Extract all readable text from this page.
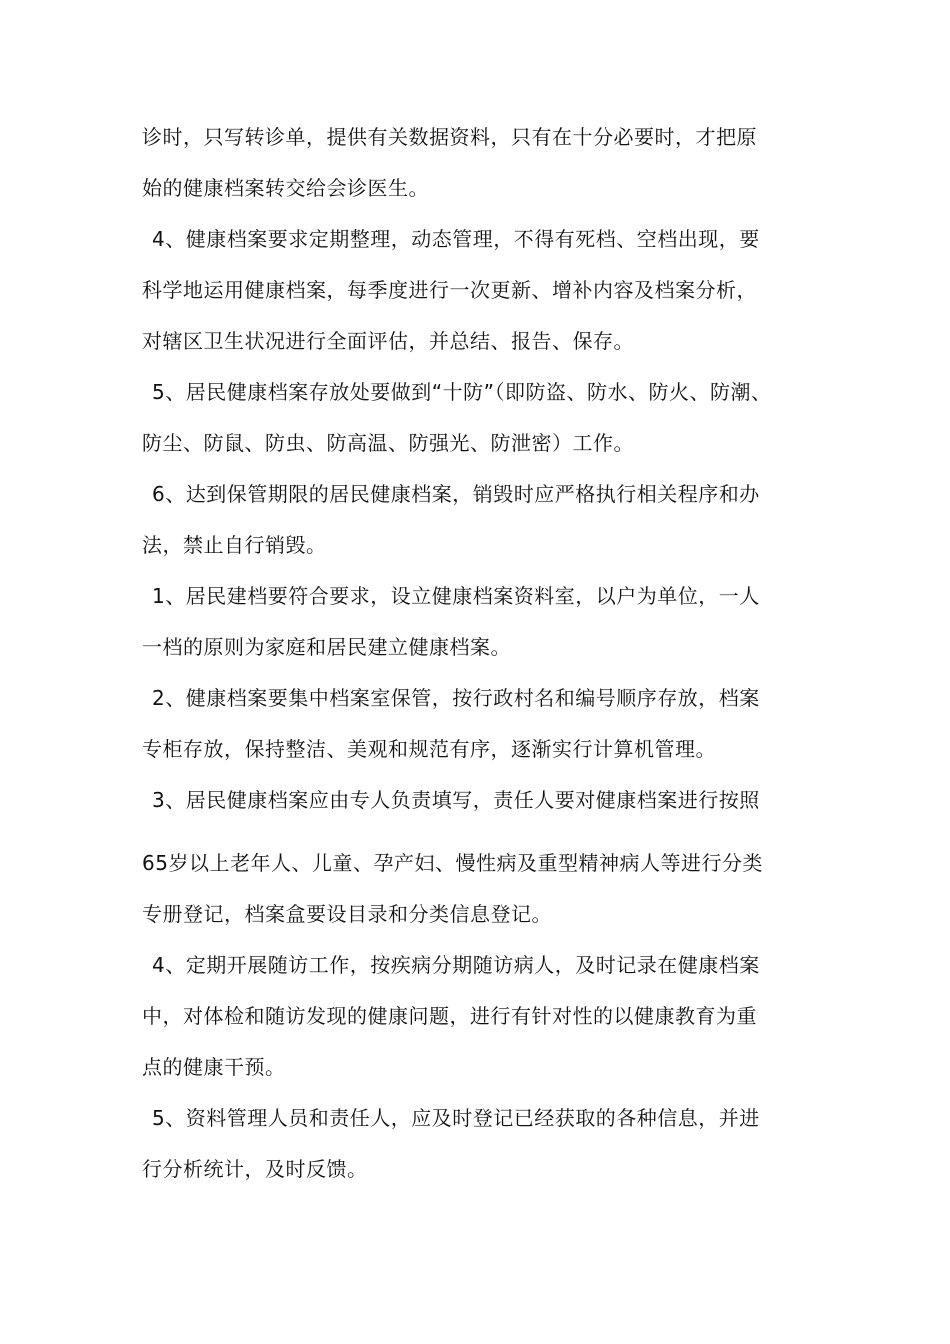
诊时，只写转诊单，提供有关数据资料，只有在十分必要时，才把原
始的健康档案转交给会诊医生。

4、健康档案要求定期整理，动态管理，不得有死档、空档出现，要
科学地运用健康档案，每季度进行一次更新、增补内容及档案分析，
对辖区卫生状况进行全面评估，并总结、报告、保存。

5、居民健康档案存放处要做到“十防”（即防盗、防水、防火、防潮、
防尘、防鼠、防虫、防高温、防强光、防泄密）工作。

6、达到保管期限的居民健康档案，销毁时应严格执行相关程序和办
法，禁止自行销毁。

1、居民建档要符合要求，设立健康档案资料室，以户为单位，一人
一档的原则为家庭和居民建立健康档案。

2、健康档案要集中档案室保管，按行政村名和编号顺序存放，档案
专柜存放，保持整洁、美观和规范有序，逐渐实行计算机管理。

3、居民健康档案应由专人负责填写，责任人要对健康档案进行按照

65岁以上老年人、儿童、孕产妇、慢性病及重型精神病人等进行分类
专册登记，档案盒要设目录和分类信息登记。

4、定期开展随访工作，按疾病分期随访病人，及时记录在健康档案
中，对体检和随访发现的健康问题，进行有针对性的以健康教育为重
点的健康干预。

5、资料管理人员和责任人，应及时登记已经获取的各种信息，并进
行分析统计，及时反馈。
